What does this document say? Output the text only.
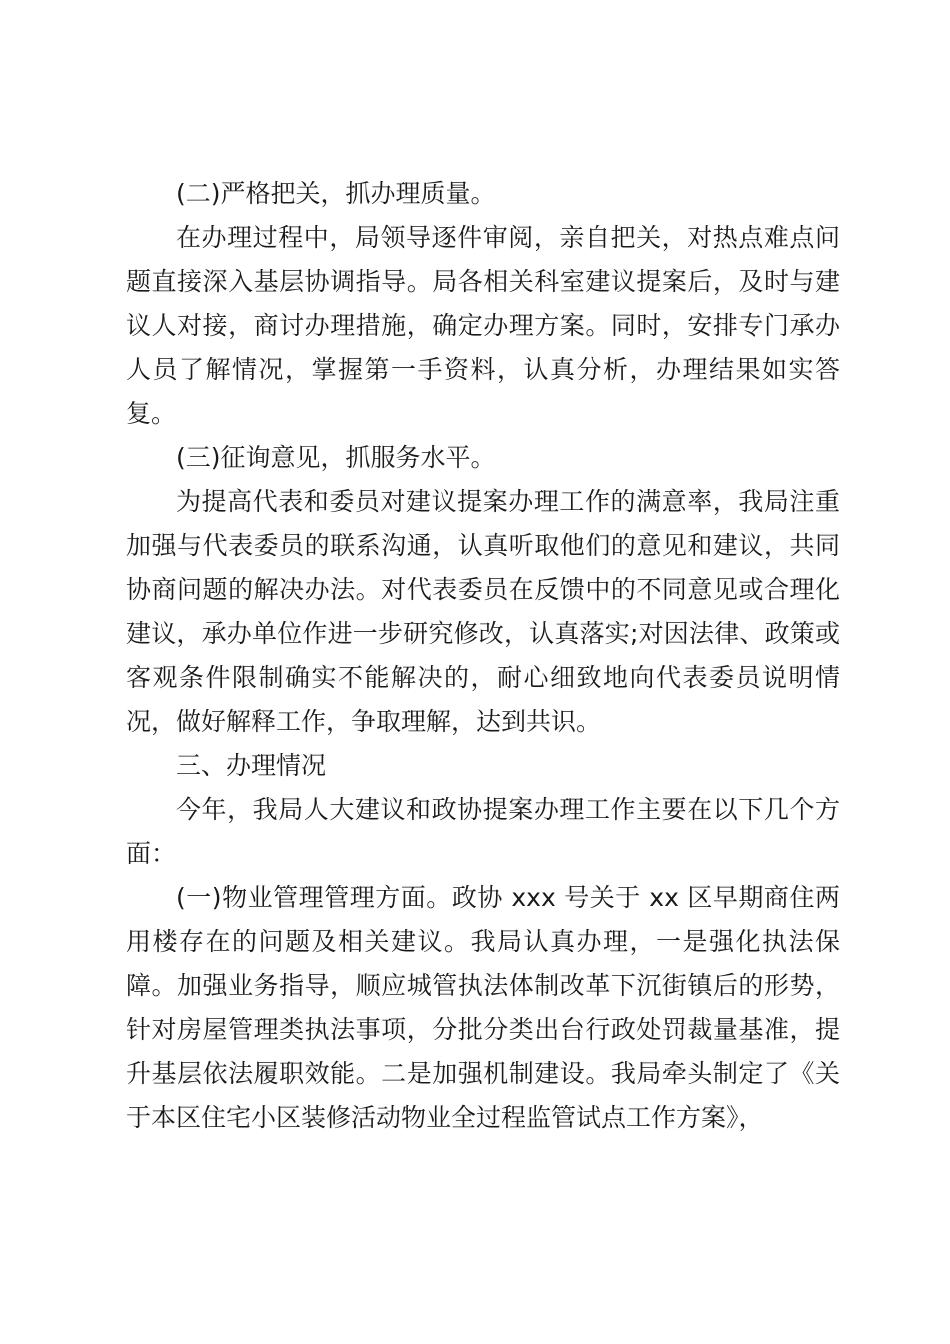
(二)严格把关，抓办理质量。

在办理过程中，局领导逐件审阅，亲自把关，对热点难点问题直接深入基层协调指导。局各相关科室建议提案后，及时与建议人对接，商讨办理措施，确定办理方案。同时，安排专门承办人员了解情况，掌握第一手资料，认真分析，办理结果如实答复。

(三)征询意见，抓服务水平。

为提高代表和委员对建议提案办理工作的满意率，我局注重加强与代表委员的联系沟通，认真听取他们的意见和建议，共同协商问题的解决办法。对代表委员在反馈中的不同意见或合理化建议，承办单位作进一步研究修改，认真落实;对因法律、政策或客观条件限制确实不能解决的，耐心细致地向代表委员说明情况，做好解释工作，争取理解，达到共识。

三、办理情况

今年，我局人大建议和政协提案办理工作主要在以下几个方面：

(一)物业管理管理方面。政协 xxx 号关于 xx 区早期商住两用楼存在的问题及相关建议。我局认真办理，一是强化执法保障。加强业务指导，顺应城管执法体制改革下沉街镇后的形势，针对房屋管理类执法事项，分批分类出台行政处罚裁量基准，提升基层依法履职效能。二是加强机制建设。我局牵头制定了《关于本区住宅小区装修活动物业全过程监管试点工作方案》，
